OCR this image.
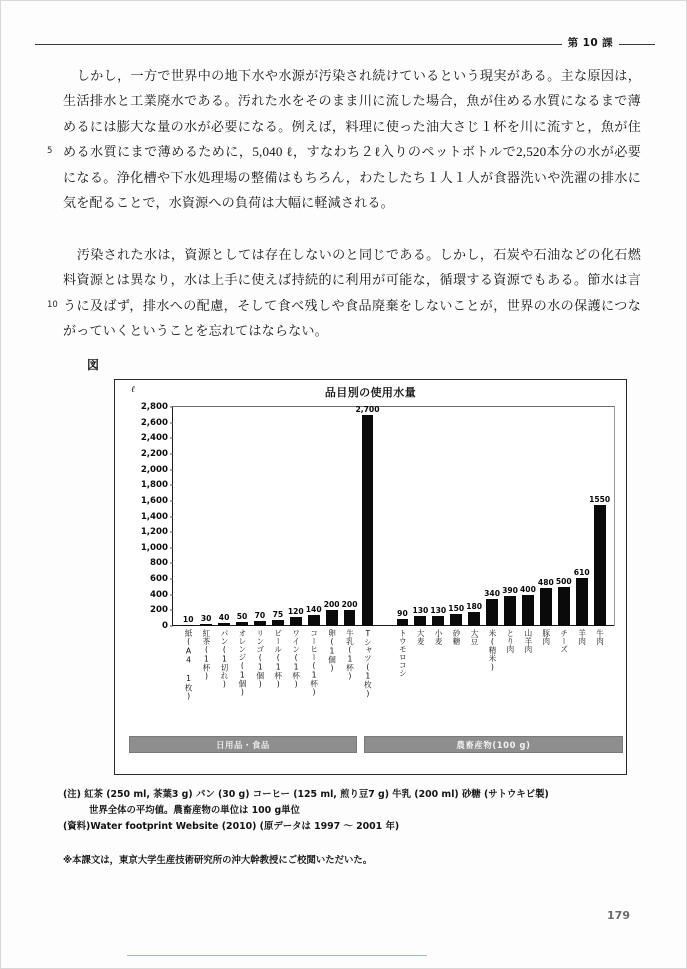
第 10 課

しかし，一方で世界中の地下水や水源が汚染され続けているという現実がある。主な原因は，生活排水と工業廃水である。汚れた水をそのまま川に流した場合，魚が住める水質になるまで薄めるには膨大な量の水が必要になる。例えば，料理に使った油大さじ１杯を川に流すと，魚が住める水質にまで薄めるために，5,040 ℓ，すなわち２ℓ入りのペットボトルで2,520本分の水が必要になる。浄化槽や下水処理場の整備はもちろん，わたしたち１人１人が食器洗いや洗濯の排水に気を配ることで，水資源への負荷は大幅に軽減される。

5

汚染された水は，資源としては存在しないのと同じである。しかし，石炭や石油などの化石燃料資源とは異なり，水は上手に使えば持続的に利用が可能な，循環する資源でもある。節水は言うに及ばず，排水への配慮，そして食べ残しや食品廃棄をしないことが，世界の水の保護につながっていくということを忘れてはならない。

10
図
ℓ	品目別の使用水量
2,800
2,600
2,400
2,200
2,000
1,800
1,600
1,400
1,200
1,000
800
600
400
200
0
10
紙(A4 1枚)
30
紅茶(1杯)
40
パン(1切れ)
50
オレンジ(1個)
70
リンゴ(1個)
75
ビール(1杯)
120
ワイン(1杯)
140
コーヒー(1杯)
200
卵(1個)
200
牛乳(1杯)
2,700
Tシャツ(1枚)
90
トウモロコシ
130
大麦
130
小麦
150
砂糖
180
大豆
340
米(精米)
390
とり肉
400
山羊肉
480
豚肉
500
チーズ
610
羊肉
1550
牛肉
日用品・食品	農畜産物(100 g)
(注) 紅茶 (250 ml, 茶葉3 g) パン (30 g) コーヒー (125 ml, 煎り豆7 g) 牛乳 (200 ml) 砂糖 (サトウキビ製)
世界全体の平均値。農畜産物の単位は 100 g単位
(資料)Water footprint Website (2010) (原データは 1997 ～ 2001 年)
※本課文は，東京大学生産技術研究所の沖大幹教授にご校閲いただいた。
179
